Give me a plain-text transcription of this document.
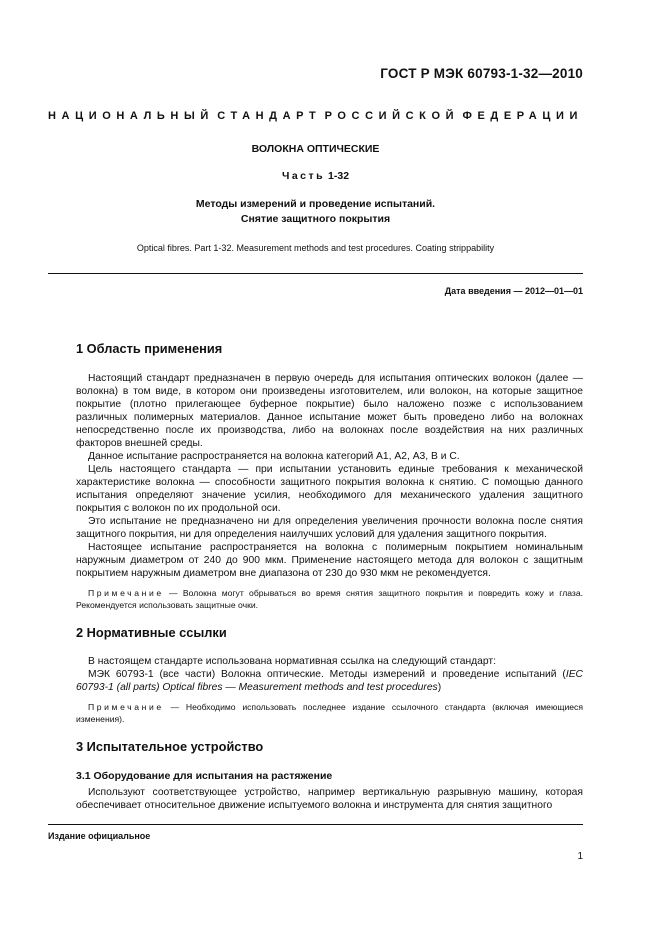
ГОСТ Р МЭК 60793-1-32—2010
НАЦИОНАЛЬНЫЙ СТАНДАРТ РОССИЙСКОЙ ФЕДЕРАЦИИ
ВОЛОКНА ОПТИЧЕСКИЕ
Часть 1-32
Методы измерений и проведение испытаний.
Снятие защитного покрытия
Optical fibres. Part 1-32. Measurement methods and test procedures. Coating strippability
Дата введения — 2012—01—01
1 Область применения

Настоящий стандарт предназначен в первую очередь для испытания оптических волокон (далее — волокна) в том виде, в котором они произведены изготовителем, или волокон, на которые защитное покрытие (плотно прилегающее буферное покрытие) было наложено позже с использованием различных полимерных материалов. Данное испытание может быть проведено либо на волокнах непосредственно после их производства, либо на волокнах после воздействия на них различных факторов внешней среды.

Данное испытание распространяется на волокна категорий А1, А2, А3, В и С.

Цель настоящего стандарта — при испытании установить единые требования к механической характеристике волокна — способности защитного покрытия волокна к снятию. С помощью данного испытания определяют значение усилия, необходимого для механического удаления защитного покрытия с волокон по их продольной оси.

Это испытание не предназначено ни для определения увеличения прочности волокна после снятия защитного покрытия, ни для определения наилучших условий для удаления защитного покрытия.

Настоящее испытание распространяется на волокна с полимерным покрытием номинальным наружным диаметром от 240 до 900 мкм. Применение настоящего метода для волокон с защитным покрытием наружным диаметром вне диапазона от 230 до 930 мкм не рекомендуется.

Примечание — Волокна могут обрываться во время снятия защитного покрытия и повредить кожу и глаза. Рекомендуется использовать защитные очки.

2 Нормативные ссылки

В настоящем стандарте использована нормативная ссылка на следующий стандарт:

МЭК 60793-1 (все части) Волокна оптические. Методы измерений и проведение испытаний (IEC 60793-1 (all parts) Optical fibres — Measurement methods and test procedures)

Примечание — Необходимо использовать последнее издание ссылочного стандарта (включая имеющиеся изменения).

3 Испытательное устройство
3.1 Оборудование для испытания на растяжение

Используют соответствующее устройство, например вертикальную разрывную машину, которая обеспечивает относительное движение испытуемого волокна и инструмента для снятия защитного

Издание официальное
1
